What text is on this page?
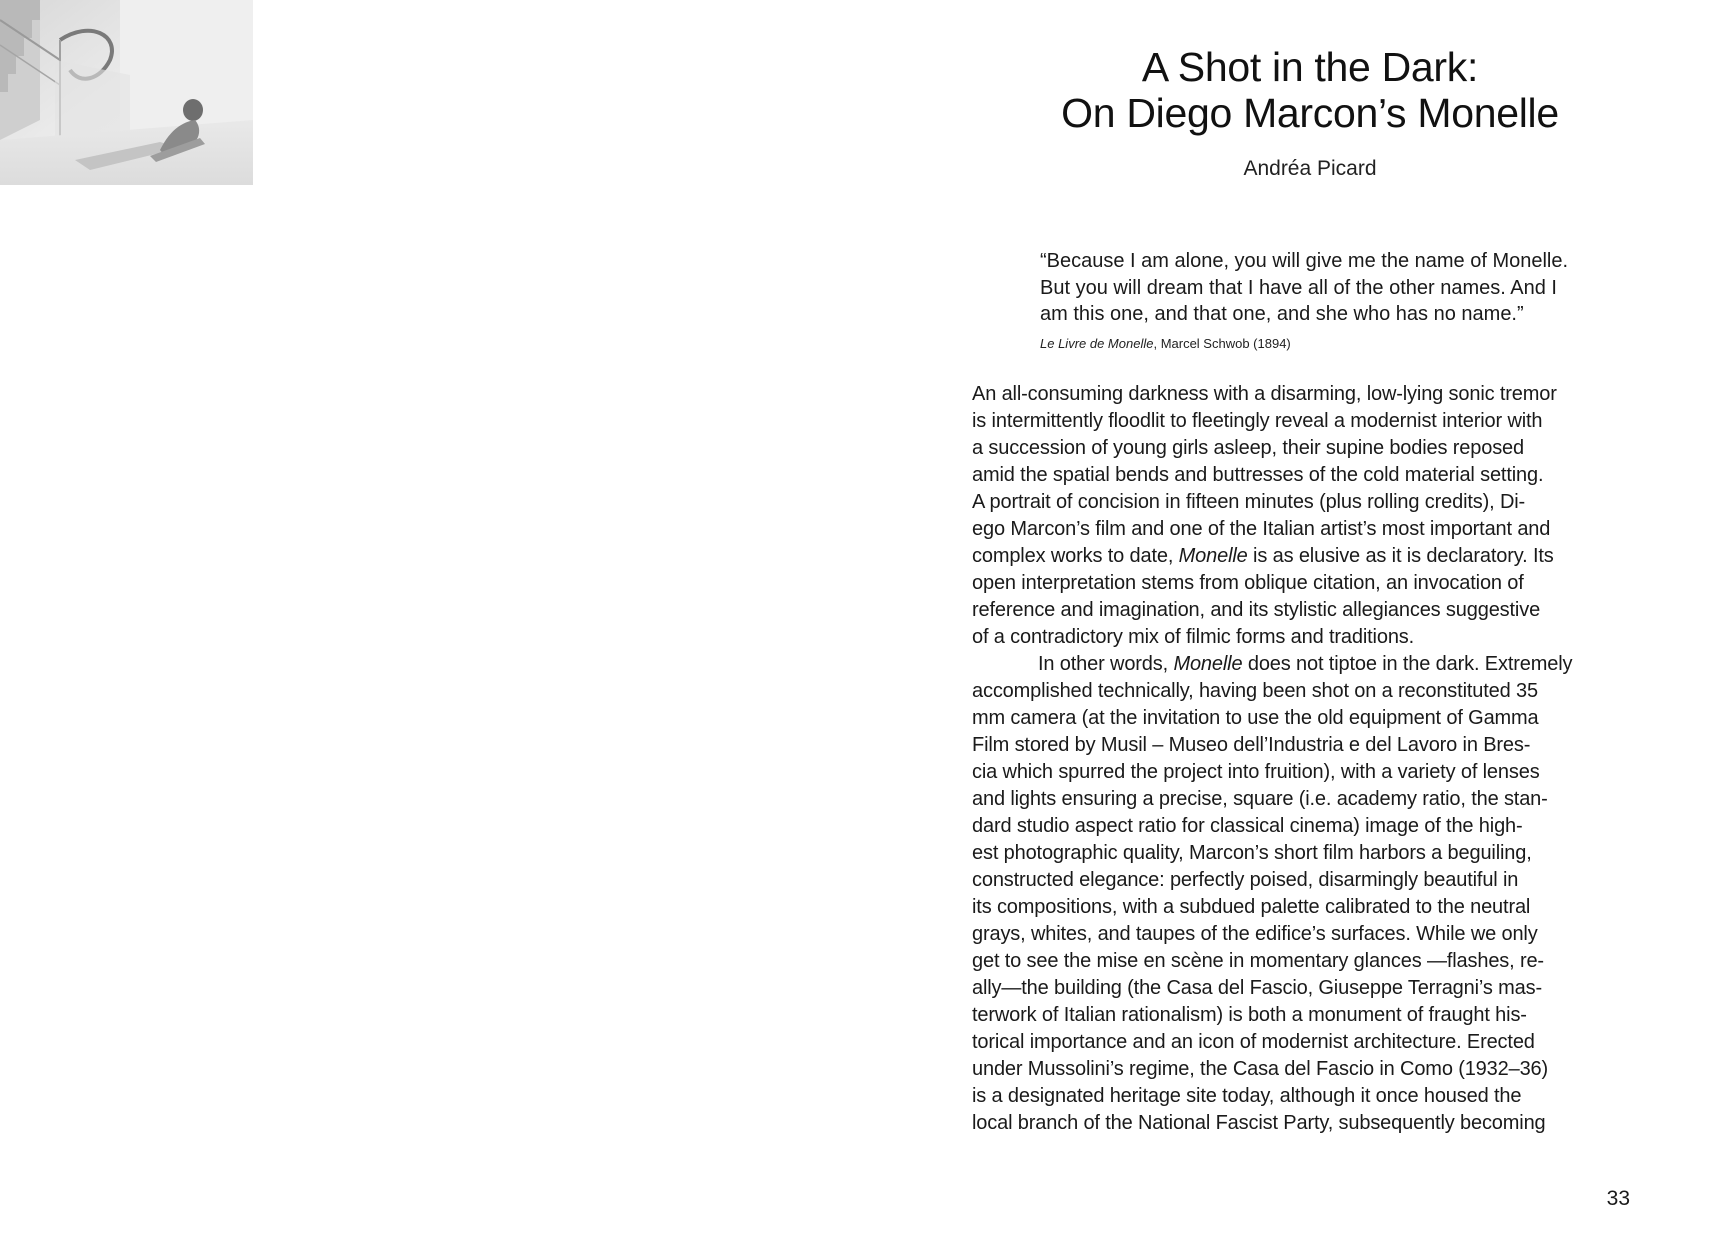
A Shot in the Dark:
On Diego Marcon’s Monelle
Andréa Picard

“Because I am alone, you will give me the name of Monelle.
But you will dream that I have all of the other names. And I
am this one, and that one, and she who has no name.”

Le Livre de Monelle, Marcel Schwob (1894)
An all-consuming darkness with a disarming, low-lying sonic tremor
is intermittently floodlit to fleetingly reveal a modernist interior with
a succession of young girls asleep, their supine bodies reposed
amid the spatial bends and buttresses of the cold material setting.
A portrait of concision in fifteen minutes (plus rolling credits), Di-
ego Marcon’s film and one of the Italian artist’s most important and
complex works to date, Monelle is as elusive as it is declaratory. Its
open interpretation stems from oblique citation, an invocation of
reference and imagination, and its stylistic allegiances suggestive
of a contradictory mix of filmic forms and traditions.
In other words, Monelle does not tiptoe in the dark. Extremely
accomplished technically, having been shot on a reconstituted 35
mm camera (at the invitation to use the old equipment of Gamma
Film stored by Musil – Museo dell’Industria e del Lavoro in Bres-
cia which spurred the project into fruition), with a variety of lenses
and lights ensuring a precise, square (i.e. academy ratio, the stan-
dard studio aspect ratio for classical cinema) image of the high-
est photographic quality, Marcon’s short film harbors a beguiling,
constructed elegance: perfectly poised, disarmingly beautiful in
its compositions, with a subdued palette calibrated to the neutral
grays, whites, and taupes of the edifice’s surfaces. While we only
get to see the mise en scène in momentary glances —flashes, re-
ally—the building (the Casa del Fascio, Giuseppe Terragni’s mas-
terwork of Italian rationalism) is both a monument of fraught his-
torical importance and an icon of modernist architecture. Erected
under Mussolini’s regime, the Casa del Fascio in Como (1932–36)
is a designated heritage site today, although it once housed the
local branch of the National Fascist Party, subsequently becoming
33
